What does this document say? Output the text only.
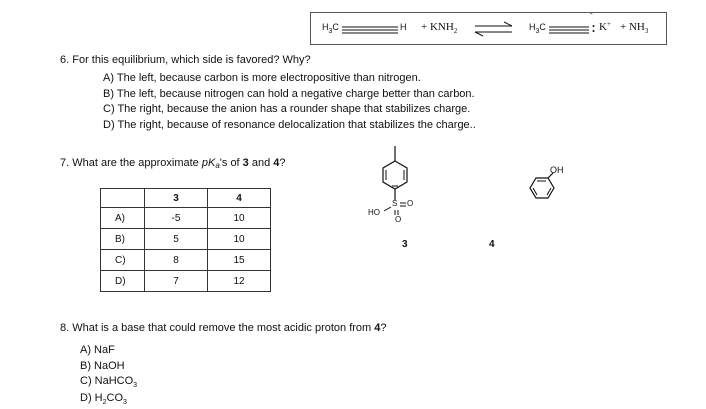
$H_3C$	$H + KNH_2$ ⇌ $H_3C$
-
$K^+ + NH_3$
6. For this equilibrium, which side is favored? Why?
A) The left, because carbon is more electropositive than nitrogen.
B) The left, because nitrogen can hold a negative charge better than carbon.
C) The right, because the anion has a rounder shape that stabilizes charge.
D) The right, because of resonance delocalization that stabilizes the charge..
7. What are the approximate pKa's of 3 and 4?
	3	4
A)	-5	10
B)	5	10
C)	8	15
D)	7	12
S O
O
HO
3	4
OH
8. What is a base that could remove the most acidic proton from 4?
A) NaF
B) NaOH
C) NaHCO$_3$
D) $H_2CO_3$
